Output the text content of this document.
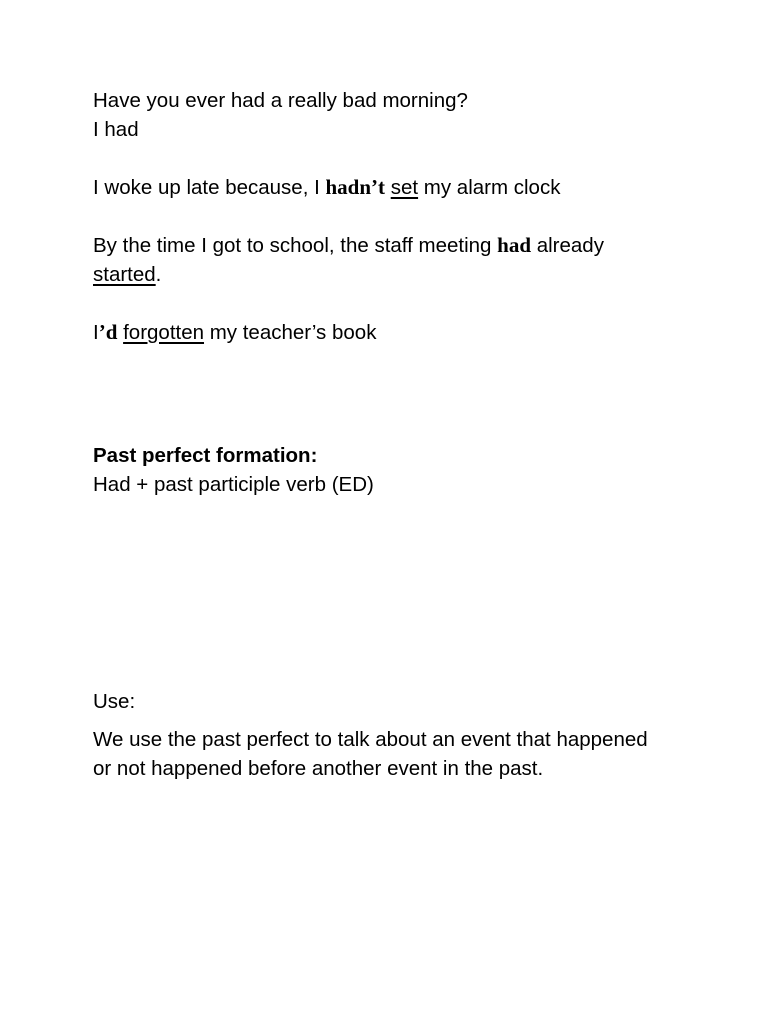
Have you ever had a really bad morning?
I had
I woke up late because, I hadn’t set my alarm clock
By the time I got to school, the staff meeting had already
started.
I’d forgotten my teacher’s book
Past perfect formation:
Had + past participle verb (ED)
Use:
We use the past perfect to talk about an event that happened or not happened before another event in the past.
